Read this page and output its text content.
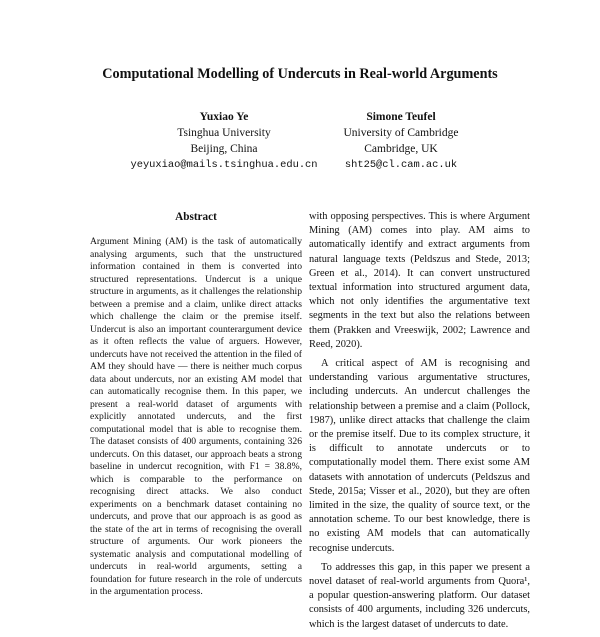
Computational Modelling of Undercuts in Real-world Arguments
Yuxiao Ye
Tsinghua University
Beijing, China
yeyuxiao@mails.tsinghua.edu.cn
Simone Teufel
University of Cambridge
Cambridge, UK
sht25@cl.cam.ac.uk
Abstract
Argument Mining (AM) is the task of automatically analysing arguments, such that the unstructured information contained in them is converted into structured representations. Undercut is a unique structure in arguments, as it challenges the relationship between a premise and a claim, unlike direct attacks which challenge the claim or the premise itself. Undercut is also an important counterargument device as it often reflects the value of arguers. However, undercuts have not received the attention in the filed of AM they should have — there is neither much corpus data about undercuts, nor an existing AM model that can automatically recognise them. In this paper, we present a real-world dataset of arguments with explicitly annotated undercuts, and the first computational model that is able to recognise them. The dataset consists of 400 arguments, containing 326 undercuts. On this dataset, our approach beats a strong baseline in undercut recognition, with F1 = 38.8%, which is comparable to the performance on recognising direct attacks. We also conduct experiments on a benchmark dataset containing no undercuts, and prove that our approach is as good as the state of the art in terms of recognising the overall structure of arguments. Our work pioneers the systematic analysis and computational modelling of undercuts in real-world arguments, setting a foundation for future research in the role of undercuts in the argumentation process.

with opposing perspectives. This is where Argument Mining (AM) comes into play. AM aims to automatically identify and extract arguments from natural language texts (Peldszus and Stede, 2013; Green et al., 2014). It can convert unstructured textual information into structured argument data, which not only identifies the argumentative text segments in the text but also the relations between them (Prakken and Vreeswijk, 2002; Lawrence and Reed, 2020).

A critical aspect of AM is recognising and understanding various argumentative structures, including undercuts. An undercut challenges the relationship between a premise and a claim (Pollock, 1987), unlike direct attacks that challenge the claim or the premise itself. Due to its complex structure, it is difficult to annotate undercuts or to computationally model them. There exist some AM datasets with annotation of undercuts (Peldszus and Stede, 2015a; Visser et al., 2020), but they are often limited in the size, the quality of source text, or the annotation scheme. To our best knowledge, there is no existing AM models that can automatically recognise undercuts.

To addresses this gap, in this paper we present a novel dataset of real-world arguments from Quora¹, a popular question-answering platform. Our dataset consists of 400 arguments, including 326 undercuts, which is the largest dataset of undercuts to date.
